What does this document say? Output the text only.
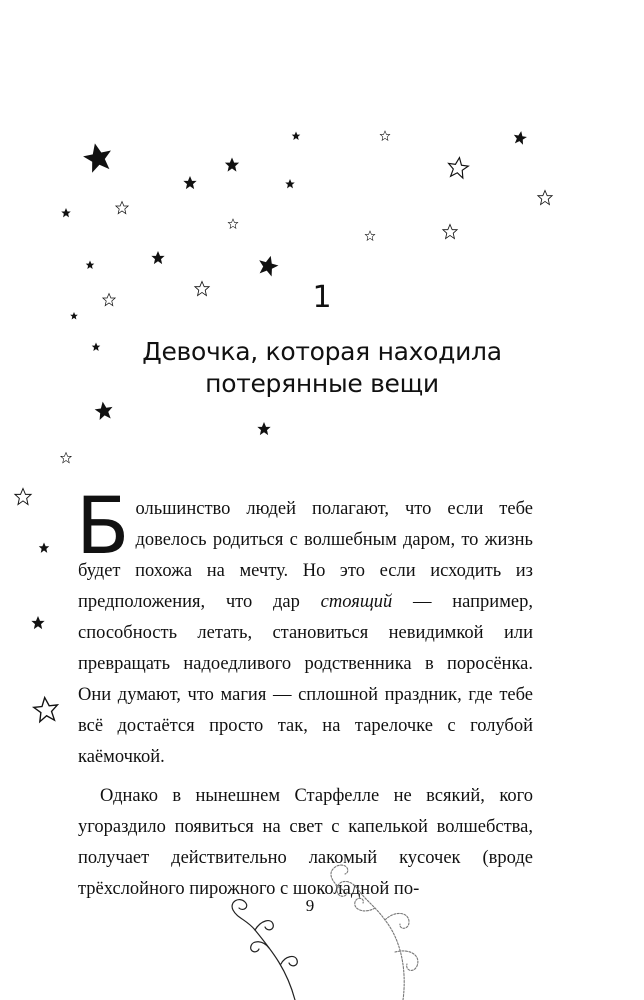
1
Девочка, которая находила
потерянные вещи

Большинство людей полагают, что если тебе довелось родиться с волшебным даром, то жизнь будет похожа на мечту. Но это если исходить из предположения, что дар стоящий — например, способность летать, становиться невидимкой или превращать надоедливого родственника в поросёнка. Они думают, что магия — сплошной праздник, где тебе всё достаётся просто так, на тарелочке с голубой каёмочкой.

Однако в нынешнем Старфелле не всякий, кого угораздило появиться на свет с капелькой волшебства, получает действительно лакомый кусочек (вроде трёхслойного пирожного с шоколадной по-

9
